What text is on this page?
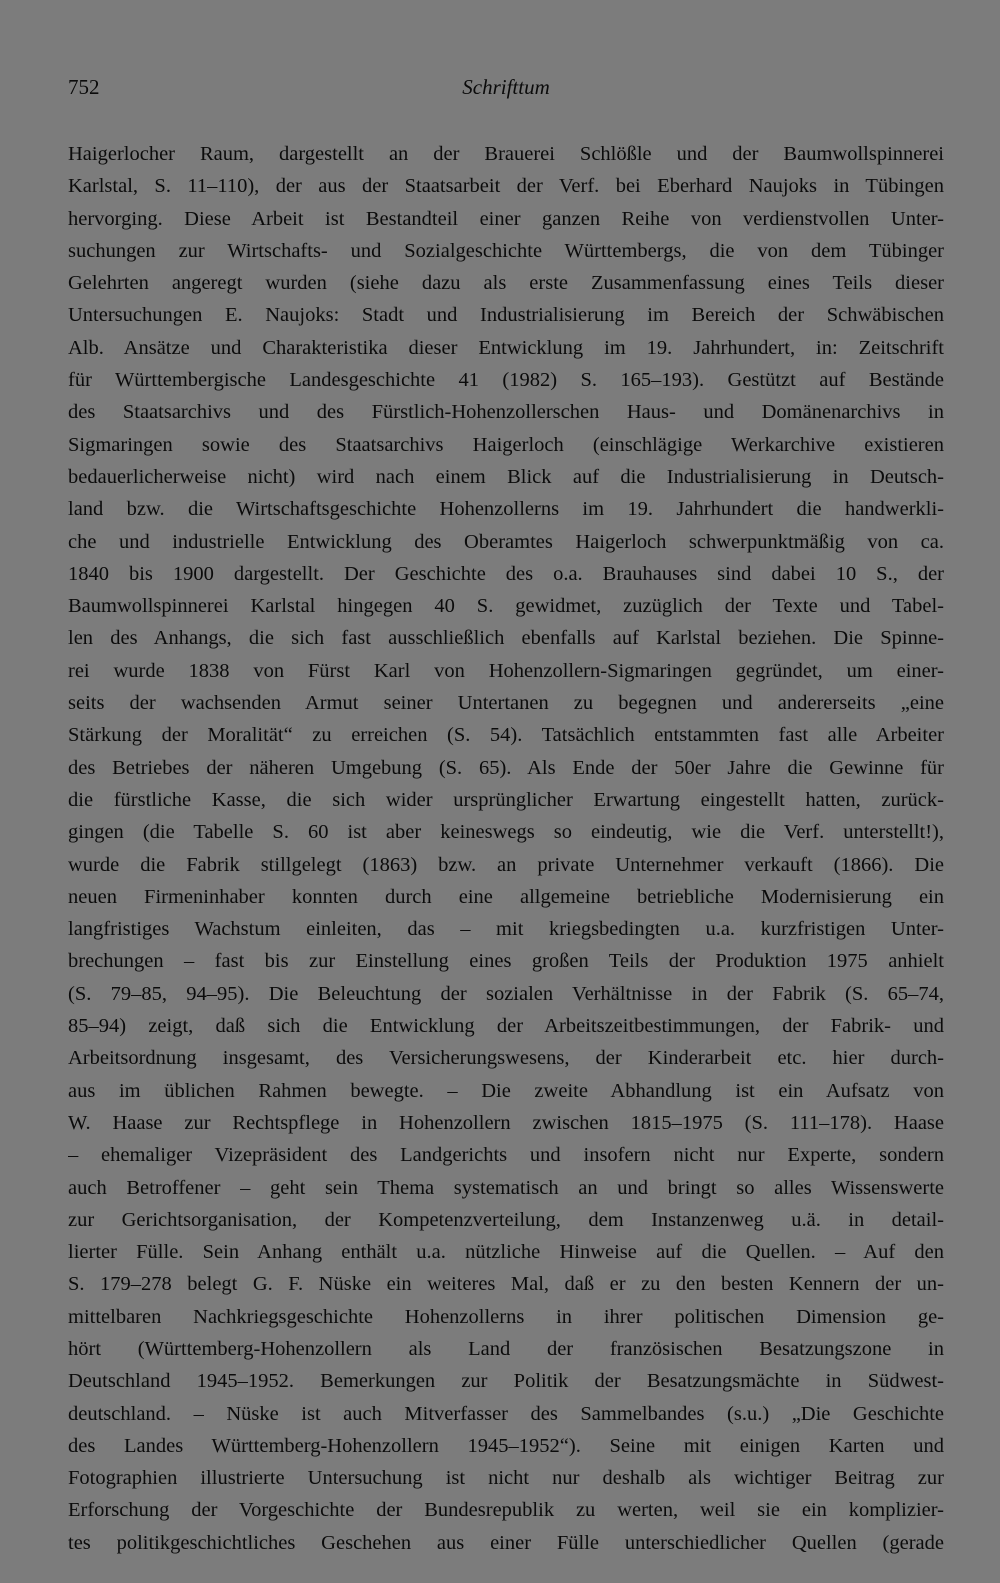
752	Schrifttum
Haigerlocher Raum, dargestellt an der Brauerei Schlößle und der Baumwollspinnerei
Karlstal, S. 11–110), der aus der Staatsarbeit der Verf. bei Eberhard Naujoks in Tübingen
hervorging. Diese Arbeit ist Bestandteil einer ganzen Reihe von verdienstvollen Unter-
suchungen zur Wirtschafts- und Sozialgeschichte Württembergs, die von dem Tübinger
Gelehrten angeregt wurden (siehe dazu als erste Zusammenfassung eines Teils dieser
Untersuchungen E. Naujoks: Stadt und Industrialisierung im Bereich der Schwäbischen
Alb. Ansätze und Charakteristika dieser Entwicklung im 19. Jahrhundert, in: Zeitschrift
für Württembergische Landesgeschichte 41 (1982) S. 165–193). Gestützt auf Bestände
des Staatsarchivs und des Fürstlich-Hohenzollerschen Haus- und Domänenarchivs in
Sigmaringen sowie des Staatsarchivs Haigerloch (einschlägige Werkarchive existieren
bedauerlicherweise nicht) wird nach einem Blick auf die Industrialisierung in Deutsch-
land bzw. die Wirtschaftsgeschichte Hohenzollerns im 19. Jahrhundert die handwerkli-
che und industrielle Entwicklung des Oberamtes Haigerloch schwerpunktmäßig von ca.
1840 bis 1900 dargestellt. Der Geschichte des o.a. Brauhauses sind dabei 10 S., der
Baumwollspinnerei Karlstal hingegen 40 S. gewidmet, zuzüglich der Texte und Tabel-
len des Anhangs, die sich fast ausschließlich ebenfalls auf Karlstal beziehen. Die Spinne-
rei wurde 1838 von Fürst Karl von Hohenzollern-Sigmaringen gegründet, um einer-
seits der wachsenden Armut seiner Untertanen zu begegnen und andererseits „eine
Stärkung der Moralität“ zu erreichen (S. 54). Tatsächlich entstammten fast alle Arbeiter
des Betriebes der näheren Umgebung (S. 65). Als Ende der 50er Jahre die Gewinne für
die fürstliche Kasse, die sich wider ursprünglicher Erwartung eingestellt hatten, zurück-
gingen (die Tabelle S. 60 ist aber keineswegs so eindeutig, wie die Verf. unterstellt!),
wurde die Fabrik stillgelegt (1863) bzw. an private Unternehmer verkauft (1866). Die
neuen Firmeninhaber konnten durch eine allgemeine betriebliche Modernisierung ein
langfristiges Wachstum einleiten, das – mit kriegsbedingten u.a. kurzfristigen Unter-
brechungen – fast bis zur Einstellung eines großen Teils der Produktion 1975 anhielt
(S. 79–85, 94–95). Die Beleuchtung der sozialen Verhältnisse in der Fabrik (S. 65–74,
85–94) zeigt, daß sich die Entwicklung der Arbeitszeitbestimmungen, der Fabrik- und
Arbeitsordnung insgesamt, des Versicherungswesens, der Kinderarbeit etc. hier durch-
aus im üblichen Rahmen bewegte. – Die zweite Abhandlung ist ein Aufsatz von
W. Haase zur Rechtspflege in Hohenzollern zwischen 1815–1975 (S. 111–178). Haase
– ehemaliger Vizepräsident des Landgerichts und insofern nicht nur Experte, sondern
auch Betroffener – geht sein Thema systematisch an und bringt so alles Wissenswerte
zur Gerichtsorganisation, der Kompetenzverteilung, dem Instanzenweg u.ä. in detail-
lierter Fülle. Sein Anhang enthält u.a. nützliche Hinweise auf die Quellen. – Auf den
S. 179–278 belegt G. F. Nüske ein weiteres Mal, daß er zu den besten Kennern der un-
mittelbaren Nachkriegsgeschichte Hohenzollerns in ihrer politischen Dimension ge-
hört (Württemberg-Hohenzollern als Land der französischen Besatzungszone in
Deutschland 1945–1952. Bemerkungen zur Politik der Besatzungsmächte in Südwest-
deutschland. – Nüske ist auch Mitverfasser des Sammelbandes (s.u.) „Die Geschichte
des Landes Württemberg-Hohenzollern 1945–1952“). Seine mit einigen Karten und
Fotographien illustrierte Untersuchung ist nicht nur deshalb als wichtiger Beitrag zur
Erforschung der Vorgeschichte der Bundesrepublik zu werten, weil sie ein komplizier-
tes politikgeschichtliches Geschehen aus einer Fülle unterschiedlicher Quellen (gerade
